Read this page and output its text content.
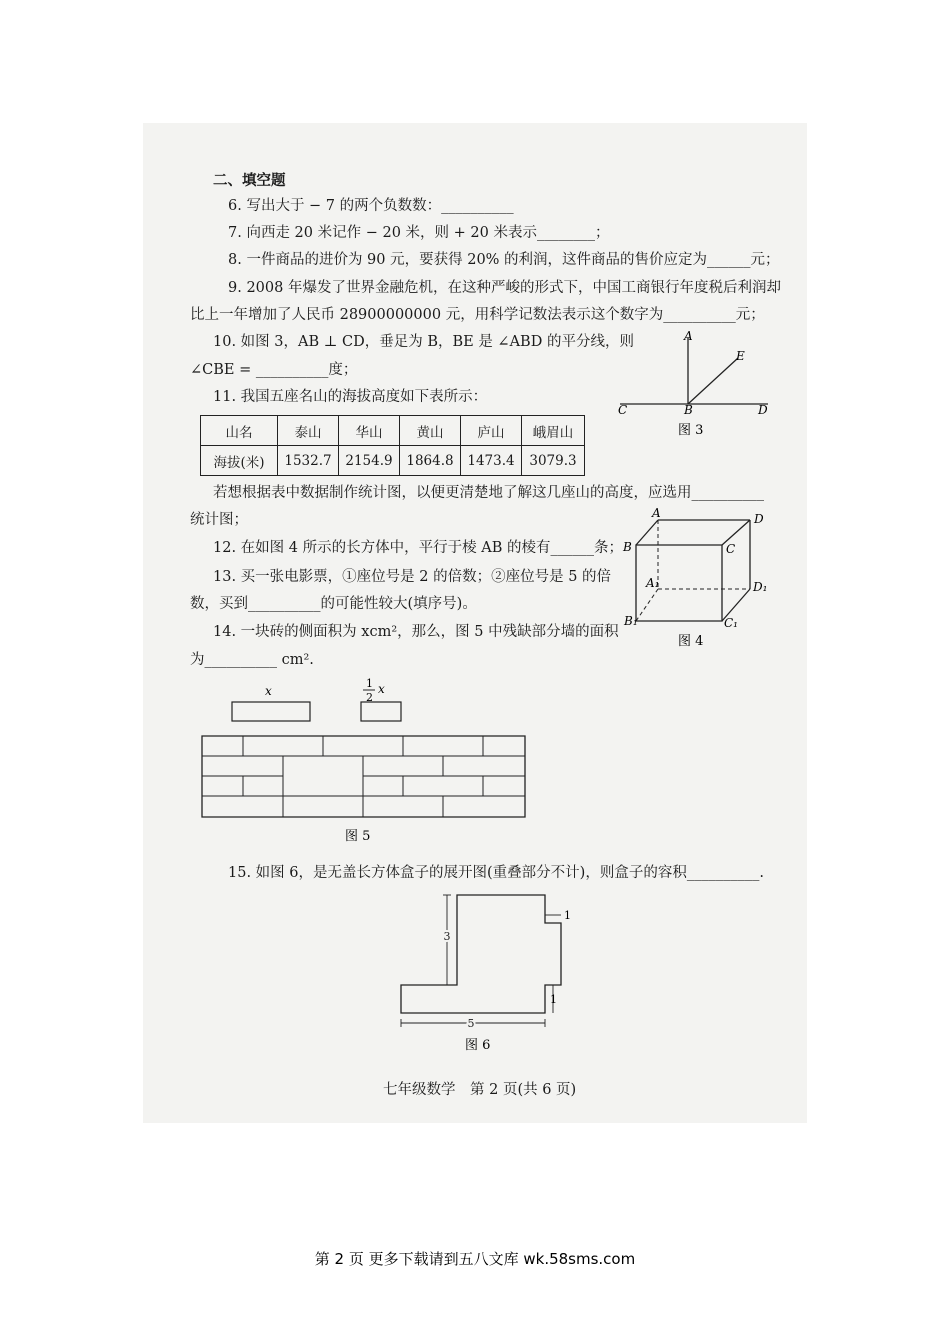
二、填空题
6. 写出大于 − 7 的两个负数数：__________
7. 向西走 20 米记作 − 20 米，则 + 20 米表示________；
8. 一件商品的进价为 90 元，要获得 20% 的利润，这件商品的售价应定为______元；
9. 2008 年爆发了世界金融危机，在这种严峻的形式下，中国工商银行年度税后利润却
比上一年增加了人民币 28900000000 元，用科学记数法表示这个数字为__________元；
10. 如图 3，AB ⊥ CD，垂足为 B，BE 是 ∠ABD 的平分线，则
∠CBE = __________度；
11. 我国五座名山的海拔高度如下表所示：
山名	泰山	华山	黄山	庐山	峨眉山
海拔(米)	1532.7	2154.9	1864.8	1473.4	3079.3
若想根据表中数据制作统计图，以便更清楚地了解这几座山的高度，应选用__________
统计图；
12. 在如图 4 所示的长方体中，平行于棱 AB 的棱有______条；
13. 买一张电影票，①座位号是 2 的倍数；②座位号是 5 的倍
数，买到__________的可能性较大(填序号)。
14. 一块砖的侧面积为 xcm²，那么，图 5 中残缺部分墙的面积
为__________ cm².
15. 如图 6，是无盖长方体盒子的展开图(重叠部分不计)，则盒子的容积__________.
A
E
C	B	D
图 3
A	D
B	C
A₁	D₁
B₁	C₁
图 4
x
1
2
x
图 5
3
1
1
5
图 6
七年级数学　第 2 页(共 6 页)
第 2 页 更多下载请到五八文库 wk.58sms.com
